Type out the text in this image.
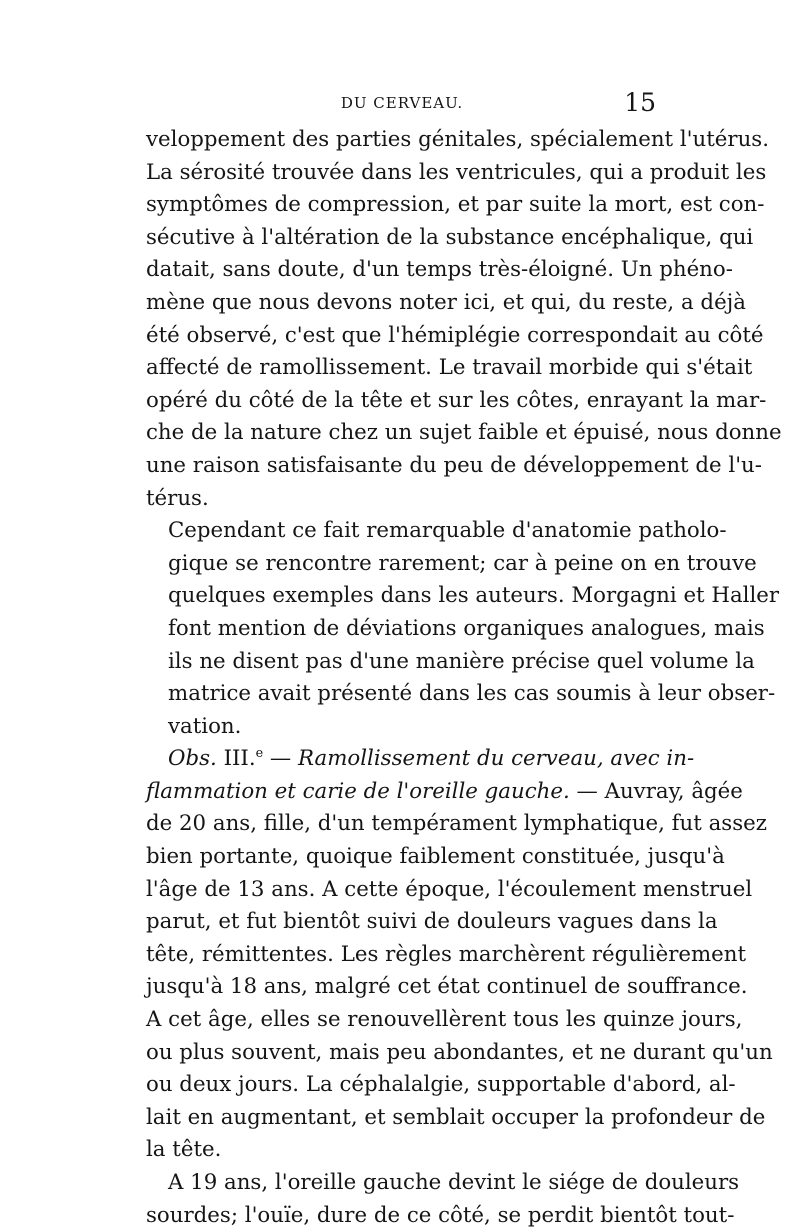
DU CERVEAU.	15

veloppement des parties génitales, spécialement l'utérus.
La sérosité trouvée dans les ventricules, qui a produit les
symptômes de compression, et par suite la mort, est con-
sécutive à l'altération de la substance encéphalique, qui
datait, sans doute, d'un temps très-éloigné. Un phéno-
mène que nous devons noter ici, et qui, du reste, a déjà
été observé, c'est que l'hémiplégie correspondait au côté
affecté de ramollissement. Le travail morbide qui s'était
opéré du côté de la tête et sur les côtes, enrayant la mar-
che de la nature chez un sujet faible et épuisé, nous donne
une raison satisfaisante du peu de développement de l'u-
térus.

Cependant ce fait remarquable d'anatomie patholo-
gique se rencontre rarement; car à peine on en trouve
quelques exemples dans les auteurs. Morgagni et Haller
font mention de déviations organiques analogues, mais
ils ne disent pas d'une manière précise quel volume la
matrice avait présenté dans les cas soumis à leur obser-
vation.

Obs. III.$^e$ — Ramollissement du cerveau, avec in-
flammation et carie de l'oreille gauche. — Auvray, âgée
de 20 ans, fille, d'un tempérament lymphatique, fut assez
bien portante, quoique faiblement constituée, jusqu'à
l'âge de 13 ans. A cette époque, l'écoulement menstruel
parut, et fut bientôt suivi de douleurs vagues dans la
tête, rémittentes. Les règles marchèrent régulièrement
jusqu'à 18 ans, malgré cet état continuel de souffrance.
A cet âge, elles se renouvellèrent tous les quinze jours,
ou plus souvent, mais peu abondantes, et ne durant qu'un
ou deux jours. La céphalalgie, supportable d'abord, al-
lait en augmentant, et semblait occuper la profondeur de
la tête.

A 19 ans, l'oreille gauche devint le siége de douleurs
sourdes; l'ouïe, dure de ce côté, se perdit bientôt tout-
